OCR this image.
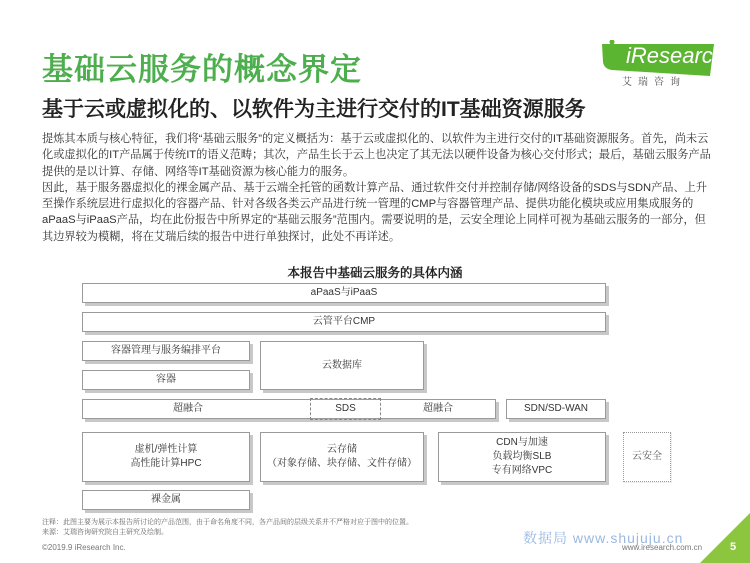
基础云服务的概念界定
基于云或虚拟化的、以软件为主进行交付的IT基础资源服务
iResearch
艾瑞咨询

提炼其本质与核心特征，我们将“基础云服务”的定义概括为：基于云或虚拟化的、以软件为主进行交付的IT基础资源服务。首先，尚未云化或虚拟化的IT产品属于传统IT的语义范畴；其次，产品生长于云上也决定了其无法以硬件设备为核心交付形式；最后，基础云服务产品提供的是以计算、存储、网络等IT基础资源为核心能力的服务。

因此，基于服务器虚拟化的裸金属产品、基于云端全托管的函数计算产品、通过软件交付并控制存储/网络设备的SDS与SDN产品、上升至操作系统层进行虚拟化的容器产品、针对各级各类云产品进行统一管理的CMP与容器管理产品、提供功能化模块或应用集成服务的aPaaS与iPaaS产品，均在此份报告中所界定的“基础云服务”范围内。需要说明的是，云安全理论上同样可视为基础云服务的一部分，但其边界较为模糊，将在艾瑞后续的报告中进行单独探讨，此处不再详述。

本报告中基础云服务的具体内涵
aPaaS与iPaaS
云管平台CMP
容器管理与服务编排平台
容器
云数据库
超融合	超融合
SDS	SDN/SD-WAN
虚机/弹性计算
高性能计算HPC
云存储
（对象存储、块存储、文件存储）
CDN与加速
负载均衡SLB
专有网络VPC
云安全
裸金属
注释：此图主要为展示本报告所讨论的产品范围，由于命名角度不同，各产品间的层级关系并不严格对应于图中的位置。
来源：艾瑞咨询研究院自主研究及绘制。	数据局 www.shujuju.cn
©2019.9 iResearch Inc.	www.iresearch.com.cn	5
